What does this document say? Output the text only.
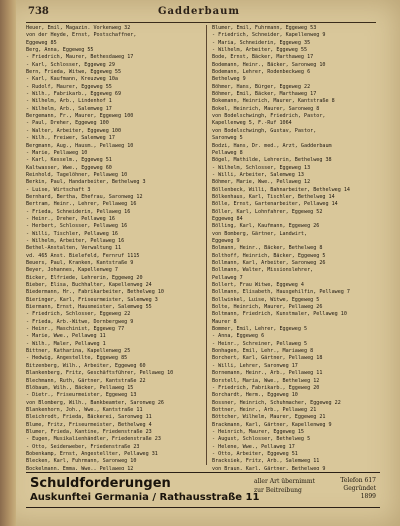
738	Gadderbaum
Heuer, Emil, Magazin. Vorkenweg 32
von der Heyde, Ernst, Postschaffner,
Eggeweg 85
Berg, Anna, Eggeweg 55
- Friedrich, Maurer, Bethesdaweg 17
- Karl, Schlosser, Eggeweg 29
Bern, Frieda, Witwe, Eggeweg 55
- Karl, Kaufmann, Kreuzweg 10a
- Rudolf, Maurer, Eggeweg 55
- Wilh., Fabrikarb., Eggeweg 69
- Wilhelm, Arb., Lindenhof 1
- Wilhelm, Arb., Salemweg 17
Bergemann, Fr., Maurer, Eggeweg 100
- Paul, Dreher, Eggeweg 100
- Walter, Arbeiter, Eggeweg 100
- Wilh., Freiwer, Salemweg 17
Bergmann, Aug., Hausm., Pellaweg 10
- Marie, Pellaweg 10
- Karl, Kesselm., Eggeweg 51
Kaltwasser, Wwe., Eggeweg 60
Reinhold, Tagelöhner, Pellaweg 10
Berkin, Paul, Handarbeiter, Bethelweg 3
- Luise, Wirtschaft 3
Bernhard, Bertha, Ehefrau, Saronweg 12
Bertram, Heinr., Lehrer, Pellaweg 16
- Frieda, Schneiderin, Pellaweg 16
- Heinr., Dreher, Pellaweg 16
- Herbert, Schlosser, Pellaweg 16
- Willi, Tischler, Pellaweg 16
- Wilhelm, Arbeiter, Pellaweg 16
Bethel-Anstalten, Verwaltung 11
vd. 465 Anst. Bielefeld, Fernruf 1115
Beuers, Paul, Kranken, Kantstraße 9
Beyer, Johannes, Kapellenweg 7
Bicker, Elfriede, Lehrerin, Eggeweg 20
Bieber, Elisa, Buchhalter, Kapellenweg 24
Biedermann, Hr., Fabrikarbeiter, Bethelweg 10
Bieringer, Karl, Friseurmeister, Salemweg 3
Biermann, Ernst, Hausmeister, Salemweg 55
- Friedrich, Schlosser, Eggeweg 22
- Frieda, Arb.-Witwe, Dornbergweg 9
- Heinr., Maschinist, Eggeweg 77
- Marie, Wwe., Pellaweg 11
- Wilh., Maler, Pellaweg 1
Bittner, Katharina, Kapellenweg 25
- Hedwig, Angestellte, Eggeweg 85
Bitzenberg, Wilh., Arbeiter, Eggeweg 60
Blankenberg, Fritz, Geschäftsführer, Pellaweg 10
Blechmann, Ruth, Gärtner, Kantstraße 22
Blöbaum, Wilh., Bäcker, Pellaweg 15
- Dietr., Friseurmeister, Eggeweg 13
von Blomberg, Wilh., Bankbeamter, Saronweg 26
Blankenhorn, Joh., Wwe., Kantstraße 11
Bleichrodt, Frieda, Bäckerei, Saronweg 11
Blume, Fritz, Friseurmeister, Bethelweg 4
Blumer, Frieda, Kantine, Friedenstraße 23
- Eugen, Musikalienhändler, Friedenstraße 23
- Otto, Seidenweber, Friedenstraße 23
Bobenkamp, Ernst, Angestellter, Pellaweg 31
Blecken, Karl, Fuhrmann, Saronweg 10
Bockelmann, Emma, Wwe., Pellaweg 12
Blumer, Emil, Fuhrmann, Eggeweg 53
- Friedrich, Schneider, Kapellenweg 9
- Maria, Schneiderin, Eggeweg 35
- Wilhelm, Arbeiter, Eggeweg 55
Bode, Ernst, Bäcker, Marthaweg 17
Bodemann, Heinr., Bäcker, Saronweg 10
Bodemann, Lehrer, Rodenbeckweg 6
Bethelweg 9
Böhmer, Hans, Bürger, Eggeweg 22
Böhmer, Emil, Bäcker, Marthaweg 17
Bokemann, Heinrich, Maurer, Kantstraße 8
Bokel, Heinrich, Maurer, Saronweg 8
von Bodelschwingh, Friedrich, Pastor,
Kapellenweg 5, F.-Ruf 1064
von Bodelschwingh, Gustav, Pastor,
Saronweg 5
Bodzi, Hans, Dr. med., Arzt, Gadderbaum
Pellaweg 8
Bögel, Mathilde, Lehrerin, Bethelweg 38
- Wilhelm, Schlosser, Eggeweg 13
- Willi, Arbeiter, Salemweg 13
Böhmer, Marie, Wwe., Pellaweg 12
Böllenbeck, Willi, Bahnarbeiter, Bethelweg 14
Bölkenhaus, Karl, Tischler, Bethelweg 14
Bölle, Ernst, Gartenarbeiter, Pellaweg 14
Böller, Karl, Lohnfahrer, Eggeweg 52
Eggeweg 84
Bölling, Karl, Kaufmann, Eggeweg 26
von Bomberg, Gärtner, Landwirt,
Eggeweg 9
Bolmann, Heinr., Bäcker, Bethelweg 8
Bolthoff, Heinrich, Bäcker, Eggeweg 5
Bollmann, Karl, Arbeiter, Saronweg 26
Bollmann, Walter, Missionslehrer,
Pellaweg 7
Bollert, Frau Witwe, Eggeweg 4
Bollmann, Elisabeth, Hausgehilfin, Pellaweg 7
Bollwinkel, Luise, Witwe, Eggeweg 5
Bolte, Heinrich, Maurer, Pellaweg 26
Boltmann, Friedrich, Kunstmaler, Pellaweg 10
Maurer 8
Bommer, Emil, Lehrer, Eggeweg 5
- Anna, Eggeweg 6
- Heinr., Schreiner, Pellaweg 5
Bonhagen, Emil, Lehr., Mariaweg 8
Borchert, Karl, Gärtner, Pellaweg 18
- Willi, Lehrer, Saronweg 17
Bornemann, Heinr., Arb., Pellaweg 11
Borstell, Maria, Wwe., Bethelweg 12
- Friedrich, Fabrikarb., Eggeweg 20
Borchardt, Herm., Eggeweg 10
Bossner, Heinrich, Schuhmacher, Eggeweg 22
Bottner, Heinr., Arb., Pellaweg 21
Böttcher, Wilhelm, Maurer, Eggeweg 21
Brackmann, Karl, Gärtner, Kapellenweg 9
- Heinrich, Maurer, Eggeweg 15
- August, Schlosser, Bethelweg 5
- Helene, Wwe., Pellaweg 17
- Otto, Arbeiter, Eggeweg 51
Bracksiek, Fritz, Arb., Salemweg 11
von Braun, Karl, Gärtner, Bethelweg 9
Schuldforderungen
Auskunftei Germania / Rathausstraße 11
aller Art übernimmt
zur Beitreibung
Telefon 617
Gegründet
1899
